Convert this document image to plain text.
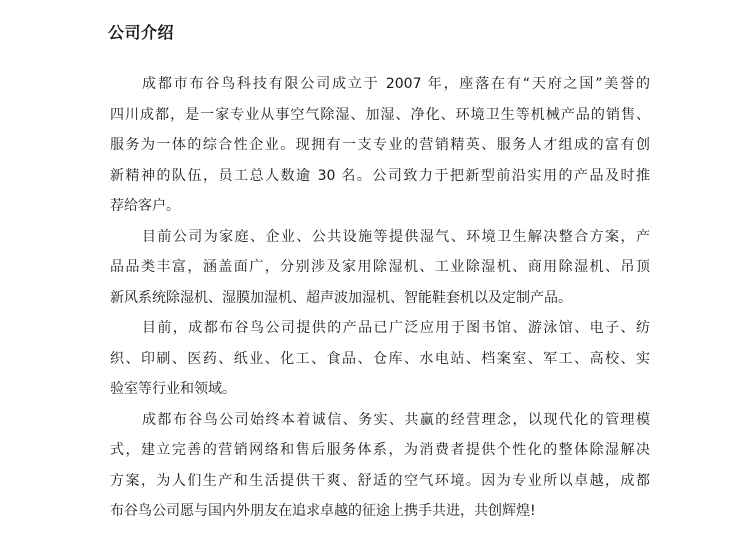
公司介绍
成都市布谷鸟科技有限公司成立于 2007 年，座落在有“天府之国”美誉的
四川成都，是一家专业从事空气除湿、加湿、净化、环境卫生等机械产品的销售、
服务为一体的综合性企业。现拥有一支专业的营销精英、服务人才组成的富有创
新精神的队伍，员工总人数逾 30 名。公司致力于把新型前沿实用的产品及时推
荐给客户。
目前公司为家庭、企业、公共设施等提供湿气、环境卫生解决整合方案，产
品品类丰富，涵盖面广，分别涉及家用除湿机、工业除湿机、商用除湿机、吊顶
新风系统除湿机、湿膜加湿机、超声波加湿机、智能鞋套机以及定制产品。
目前，成都布谷鸟公司提供的产品已广泛应用于图书馆、游泳馆、电子、纺
织、印刷、医药、纸业、化工、食品、仓库、水电站、档案室、军工、高校、实
验室等行业和领域。
成都布谷鸟公司始终本着诚信、务实、共赢的经营理念，以现代化的管理模
式，建立完善的营销网络和售后服务体系，为消费者提供个性化的整体除湿解决
方案，为人们生产和生活提供干爽、舒适的空气环境。因为专业所以卓越，成都
布谷鸟公司愿与国内外朋友在追求卓越的征途上携手共进，共创辉煌!
